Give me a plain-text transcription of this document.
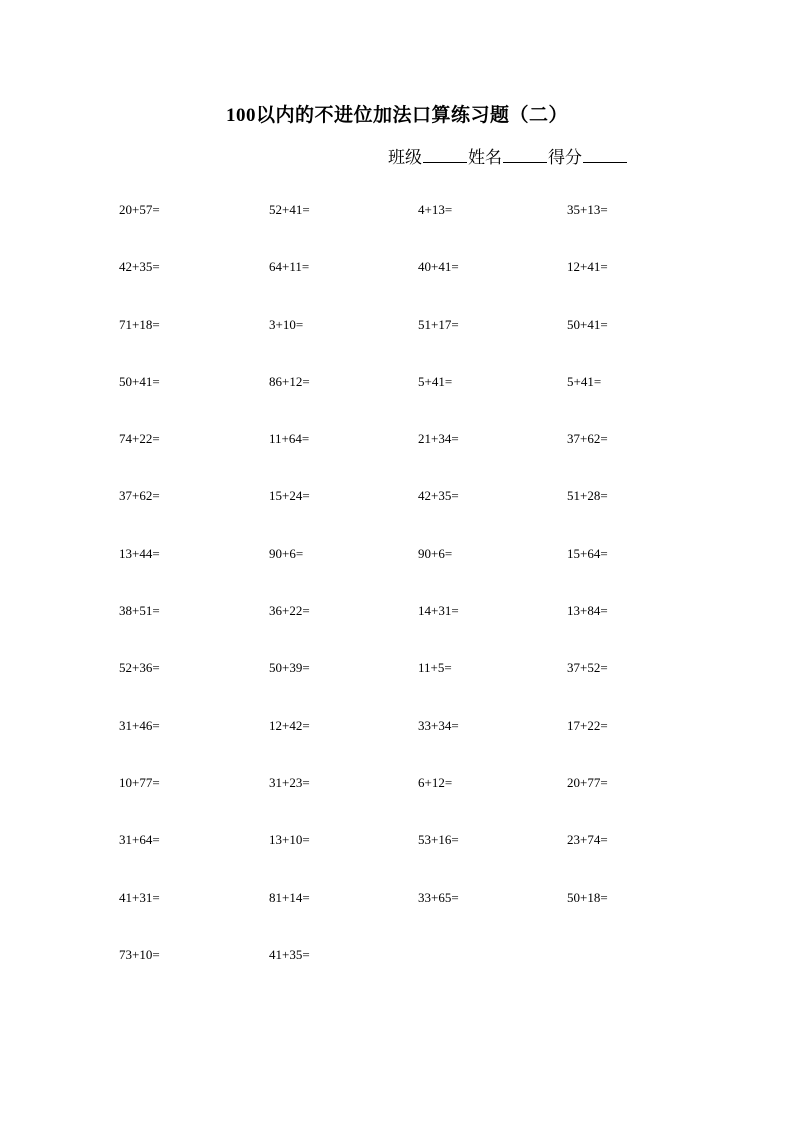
100以内的不进位加法口算练习题（二）
班级	姓名	得分
20+57=	52+41=	4+13=	35+13=
42+35=	64+11=	40+41=	12+41=
71+18=	3+10=	51+17=	50+41=
50+41=	86+12=	5+41=	5+41=
74+22=	11+64=	21+34=	37+62=
37+62=	15+24=	42+35=	51+28=
13+44=	90+6=	90+6=	15+64=
38+51=	36+22=	14+31=	13+84=
52+36=	50+39=	11+5=	37+52=
31+46=	12+42=	33+34=	17+22=
10+77=	31+23=	6+12=	20+77=
31+64=	13+10=	53+16=	23+74=
41+31=	81+14=	33+65=	50+18=
73+10=	41+35=
